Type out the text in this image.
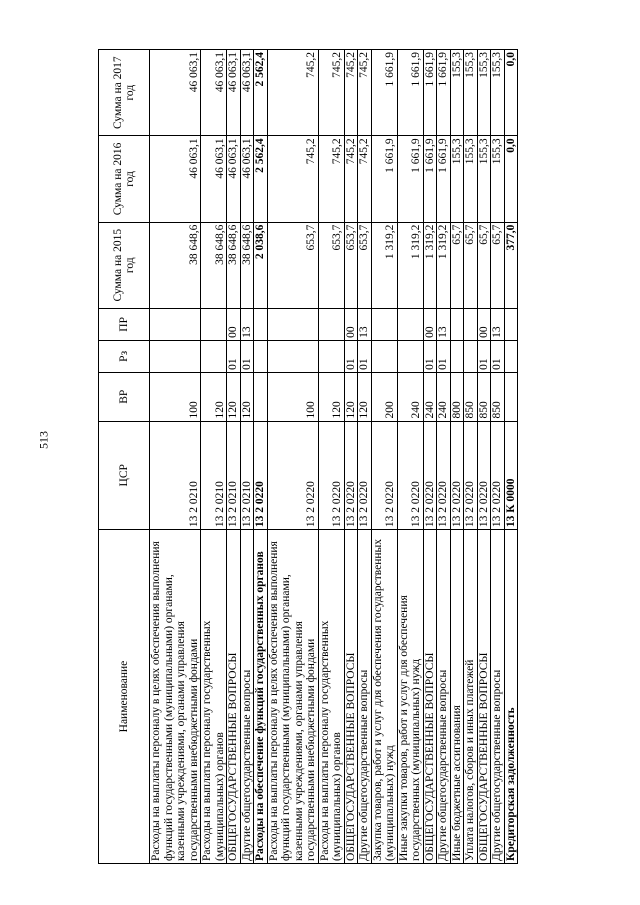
513
Наименование	ЦСР	ВР	Рз	ПР	Сумма на 2015 год	Сумма на 2016 год	Сумма на 2017 год
Расходы на выплаты персоналу в целях обеспечения выполнения функций государственными (муниципальными) органами, казенными учреждениями, органами управления государственными внебюджетными фондами	13 2 0210	100			38 648,6	46 063,1	46 063,1
Расходы на выплаты персоналу государственных (муниципальных) органов	13 2 0210	120			38 648,6	46 063,1	46 063,1
ОБЩЕГОСУДАРСТВЕННЫЕ ВОПРОСЫ	13 2 0210	120	01	00	38 648,6	46 063,1	46 063,1
Другие общегосударственные вопросы	13 2 0210	120	01	13	38 648,6	46 063,1	46 063,1
Расходы на обеспечение функций государственных органов	13 2 0220				2 038,6	2 562,4	2 562,4
Расходы на выплаты персоналу в целях обеспечения выполнения функций государственными (муниципальными) органами, казенными учреждениями, органами управления государственными внебюджетными фондами	13 2 0220	100			653,7	745,2	745,2
Расходы на выплаты персоналу государственных (муниципальных) органов	13 2 0220	120			653,7	745,2	745,2
ОБЩЕГОСУДАРСТВЕННЫЕ ВОПРОСЫ	13 2 0220	120	01	00	653,7	745,2	745,2
Другие общегосударственные вопросы	13 2 0220	120	01	13	653,7	745,2	745,2
Закупка товаров, работ и услуг для обеспечения государственных (муниципальных) нужд	13 2 0220	200			1 319,2	1 661,9	1 661,9
Иные закупки товаров, работ и услуг для обеспечения государственных (муниципальных) нужд	13 2 0220	240			1 319,2	1 661,9	1 661,9
ОБЩЕГОСУДАРСТВЕННЫЕ ВОПРОСЫ	13 2 0220	240	01	00	1 319,2	1 661,9	1 661,9
Другие общегосударственные вопросы	13 2 0220	240	01	13	1 319,2	1 661,9	1 661,9
Иные бюджетные ассигнования	13 2 0220	800			65,7	155,3	155,3
Уплата налогов, сборов и иных платежей	13 2 0220	850			65,7	155,3	155,3
ОБЩЕГОСУДАРСТВЕННЫЕ ВОПРОСЫ	13 2 0220	850	01	00	65,7	155,3	155,3
Другие общегосударственные вопросы	13 2 0220	850	01	13	65,7	155,3	155,3
Кредиторская задолженность	13 К 0000				377,0	0,0	0,0
